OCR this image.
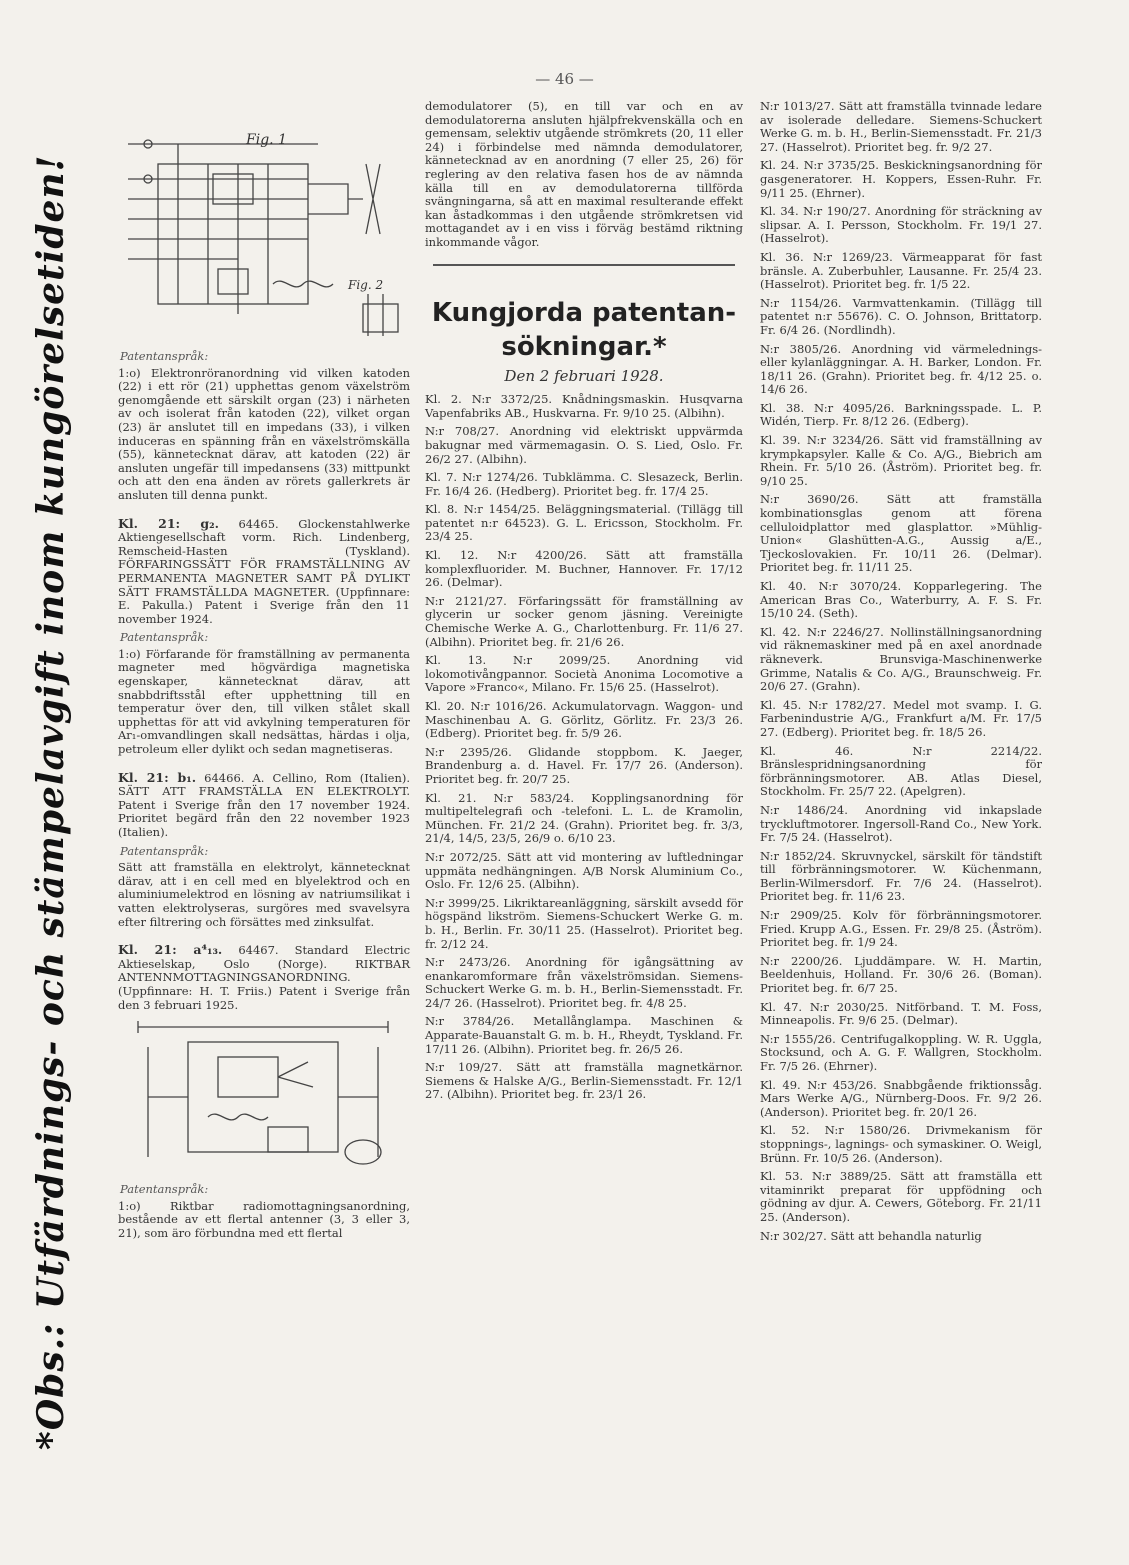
— 46 —
*Obs.: Utfärdnings- och stämpelavgift inom kungörelsetiden!
Fig. 1
Fig. 2
Patentanspråk:

1:o) Elektronröranordning vid vilken katoden (22) i ett rör (21) upphettas genom växelström genomgående ett särskilt organ (23) i närheten av och isolerat från katoden (22), vilket organ (23) är anslutet till en impedans (33), i vilken induceras en spänning från en växelströmskälla (55), kännetecknat därav, att katoden (22) är ansluten ungefär till impedansens (33) mittpunkt och att den ena änden av rörets gallerkrets är ansluten till denna punkt.

Kl. 21: g₂. 64465. Glockenstahlwerke Aktiengesellschaft vorm. Rich. Lindenberg, Remscheid-Hasten (Tyskland). FÖRFARINGSSÄTT FÖR FRAMSTÄLLNING AV PERMANENTA MAGNETER SAMT PÅ DYLIKT SÄTT FRAMSTÄLLDA MAGNETER. (Uppfinnare: E. Pakulla.) Patent i Sverige från den 11 november 1924.

Patentanspråk:

1:o) Förfarande för framställning av permanenta magneter med högvärdiga magnetiska egenskaper, kännetecknat därav, att snabbdriftsstål efter upphettning till en temperatur över den, till vilken stålet skall upphettas för att vid avkylning temperaturen för Ar₁-omvandlingen skall nedsättas, härdas i olja, petroleum eller dylikt och sedan magnetiseras.

Kl. 21: b₁. 64466. A. Cellino, Rom (Italien). SÄTT ATT FRAMSTÄLLA EN ELEKTROLYT. Patent i Sverige från den 17 november 1924. Prioritet begärd från den 22 november 1923 (Italien).

Patentanspråk:

Sätt att framställa en elektrolyt, kännetecknat därav, att i en cell med en blyelektrod och en aluminiumelektrod en lösning av natriumsilikat i vatten elektrolyseras, surgöres med svavelsyra efter filtrering och försättes med zinksulfat.

Kl. 21: a⁴₁₃. 64467. Standard Electric Aktieselskap, Oslo (Norge). RIKTBAR ANTENNMOTTAGNINGSANORDNING. (Uppfinnare: H. T. Friis.) Patent i Sverige från den 3 februari 1925.

Patentanspråk:

1:o) Riktbar radiomottagningsanordning, bestående av ett flertal antenner (3, 3 eller 3, 21), som äro förbundna med ett flertal

demodulatorer (5), en till var och en av demodulatorerna ansluten hjälpfrekvenskälla och en gemensam, selektiv utgående strömkrets (20, 11 eller 24) i förbindelse med nämnda demodulatorer, kännetecknad av en anordning (7 eller 25, 26) för reglering av den relativa fasen hos de av nämnda källa till en av demodulatorerna tillförda svängningarna, så att en maximal resulterande effekt kan åstadkommas i den utgående strömkretsen vid mottagandet av i en viss i förväg bestämd riktning inkommande vågor.

Kungjorda patentan-
sökningar.*
Den 2 februari 1928.

Kl. 2. N:r 3372/25. Knådningsmaskin. Husqvarna Vapenfabriks AB., Huskvarna. Fr. 9/10 25. (Albihn).

N:r 708/27. Anordning vid elektriskt uppvärmda bakugnar med värmemagasin. O. S. Lied, Oslo. Fr. 26/2 27. (Albihn).

Kl. 7. N:r 1274/26. Tubklämma. C. Slesazeck, Berlin. Fr. 16/4 26. (Hedberg). Prioritet beg. fr. 17/4 25.

Kl. 8. N:r 1454/25. Beläggningsmaterial. (Tillägg till patentet n:r 64523). G. L. Ericsson, Stockholm. Fr. 23/4 25.

Kl. 12. N:r 4200/26. Sätt att framställa komplexfluorider. M. Buchner, Hannover. Fr. 17/12 26. (Delmar).

N:r 2121/27. Förfaringssätt för framställning av glycerin ur socker genom jäsning. Vereinigte Chemische Werke A. G., Charlottenburg. Fr. 11/6 27. (Albihn). Prioritet beg. fr. 21/6 26.

Kl. 13. N:r 2099/25. Anordning vid lokomotivångpannor. Società Anonima Locomotive a Vapore »Franco«, Milano. Fr. 15/6 25. (Hasselrot).

Kl. 20. N:r 1016/26. Ackumulatorvagn. Waggon- und Maschinenbau A. G. Görlitz, Görlitz. Fr. 23/3 26. (Edberg). Prioritet beg. fr. 5/9 26.

N:r 2395/26. Glidande stoppbom. K. Jaeger, Brandenburg a. d. Havel. Fr. 17/7 26. (Anderson). Prioritet beg. fr. 20/7 25.

Kl. 21. N:r 583/24. Kopplingsanordning för multipeltelegrafi och -telefoni. L. L. de Kramolin, München. Fr. 21/2 24. (Grahn). Prioritet beg. fr. 3/3, 21/4, 14/5, 23/5, 26/9 o. 6/10 23.

N:r 2072/25. Sätt att vid montering av luftledningar uppmäta nedhängningen. A/B Norsk Aluminium Co., Oslo. Fr. 12/6 25. (Albihn).

N:r 3999/25. Likriktareanläggning, särskilt avsedd för högspänd likström. Siemens-Schuckert Werke G. m. b. H., Berlin. Fr. 30/11 25. (Hasselrot). Prioritet beg. fr. 2/12 24.

N:r 2473/26. Anordning för igångsättning av enankaromformare från växelströmsidan. Siemens-Schuckert Werke G. m. b. H., Berlin-Siemensstadt. Fr. 24/7 26. (Hasselrot). Prioritet beg. fr. 4/8 25.

N:r 3784/26. Metallånglampa. Maschinen & Apparate-Bauanstalt G. m. b. H., Rheydt, Tyskland. Fr. 17/11 26. (Albihn). Prioritet beg. fr. 26/5 26.

N:r 109/27. Sätt att framställa magnetkärnor. Siemens & Halske A/G., Berlin-Siemensstadt. Fr. 12/1 27. (Albihn). Prioritet beg. fr. 23/1 26.

N:r 1013/27. Sätt att framställa tvinnade ledare av isolerade delledare. Siemens-Schuckert Werke G. m. b. H., Berlin-Siemensstadt. Fr. 21/3 27. (Hasselrot). Prioritet beg. fr. 9/2 27.

Kl. 24. N:r 3735/25. Beskickningsanordning för gasgeneratorer. H. Koppers, Essen-Ruhr. Fr. 9/11 25. (Ehrner).

Kl. 34. N:r 190/27. Anordning för sträckning av slipsar. A. I. Persson, Stockholm. Fr. 19/1 27. (Hasselrot).

Kl. 36. N:r 1269/23. Värmeapparat för fast bränsle. A. Zuberbuhler, Lausanne. Fr. 25/4 23. (Hasselrot). Prioritet beg. fr. 1/5 22.

N:r 1154/26. Varmvattenkamin. (Tillägg till patentet n:r 55676). C. O. Johnson, Brittatorp. Fr. 6/4 26. (Nordlindh).

N:r 3805/26. Anordning vid värmelednings- eller kylanläggningar. A. H. Barker, London. Fr. 18/11 26. (Grahn). Prioritet beg. fr. 4/12 25. o. 14/6 26.

Kl. 38. N:r 4095/26. Barkningsspade. L. P. Widén, Tierp. Fr. 8/12 26. (Edberg).

Kl. 39. N:r 3234/26. Sätt vid framställning av krympkapsyler. Kalle & Co. A/G., Biebrich am Rhein. Fr. 5/10 26. (Åström). Prioritet beg. fr. 9/10 25.

N:r 3690/26. Sätt att framställa kombinationsglas genom att förena celluloidplattor med glasplattor. »Mühlig-Union« Glashütten-A.G., Aussig a/E., Tjeckoslovakien. Fr. 10/11 26. (Delmar). Prioritet beg. fr. 11/11 25.

Kl. 40. N:r 3070/24. Kopparlegering. The American Bras Co., Waterburry, A. F. S. Fr. 15/10 24. (Seth).

Kl. 42. N:r 2246/27. Nollinställningsanordning vid räknemaskiner med på en axel anordnade räkneverk. Brunsviga-Maschinenwerke Grimme, Natalis & Co. A/G., Braunschweig. Fr. 20/6 27. (Grahn).

Kl. 45. N:r 1782/27. Medel mot svamp. I. G. Farbenindustrie A/G., Frankfurt a/M. Fr. 17/5 27. (Edberg). Prioritet beg. fr. 18/5 26.

Kl. 46. N:r 2214/22. Bränslespridningsanordning för förbränningsmotorer. AB. Atlas Diesel, Stockholm. Fr. 25/7 22. (Apelgren).

N:r 1486/24. Anordning vid inkapslade tryckluftmotorer. Ingersoll-Rand Co., New York. Fr. 7/5 24. (Hasselrot).

N:r 1852/24. Skruvnyckel, särskilt för tändstift till förbränningsmotorer. W. Küchenmann, Berlin-Wilmersdorf. Fr. 7/6 24. (Hasselrot). Prioritet beg. fr. 11/6 23.

N:r 2909/25. Kolv för förbränningsmotorer. Fried. Krupp A.G., Essen. Fr. 29/8 25. (Åström). Prioritet beg. fr. 1/9 24.

N:r 2200/26. Ljuddämpare. W. H. Martin, Beeldenhuis, Holland. Fr. 30/6 26. (Boman). Prioritet beg. fr. 6/7 25.

Kl. 47. N:r 2030/25. Nitförband. T. M. Foss, Minneapolis. Fr. 9/6 25. (Delmar).

N:r 1555/26. Centrifugalkoppling. W. R. Uggla, Stocksund, och A. G. F. Wallgren, Stockholm. Fr. 7/5 26. (Ehrner).

Kl. 49. N:r 453/26. Snabbgående friktionssåg. Mars Werke A/G., Nürnberg-Doos. Fr. 9/2 26. (Anderson). Prioritet beg. fr. 20/1 26.

Kl. 52. N:r 1580/26. Drivmekanism för stoppnings-, lagnings- och symaskiner. O. Weigl, Brünn. Fr. 10/5 26. (Anderson).

Kl. 53. N:r 3889/25. Sätt att framställa ett vitaminrikt preparat för uppfödning och gödning av djur. A. Cewers, Göteborg. Fr. 21/11 25. (Anderson).

N:r 302/27. Sätt att behandla naturlig
